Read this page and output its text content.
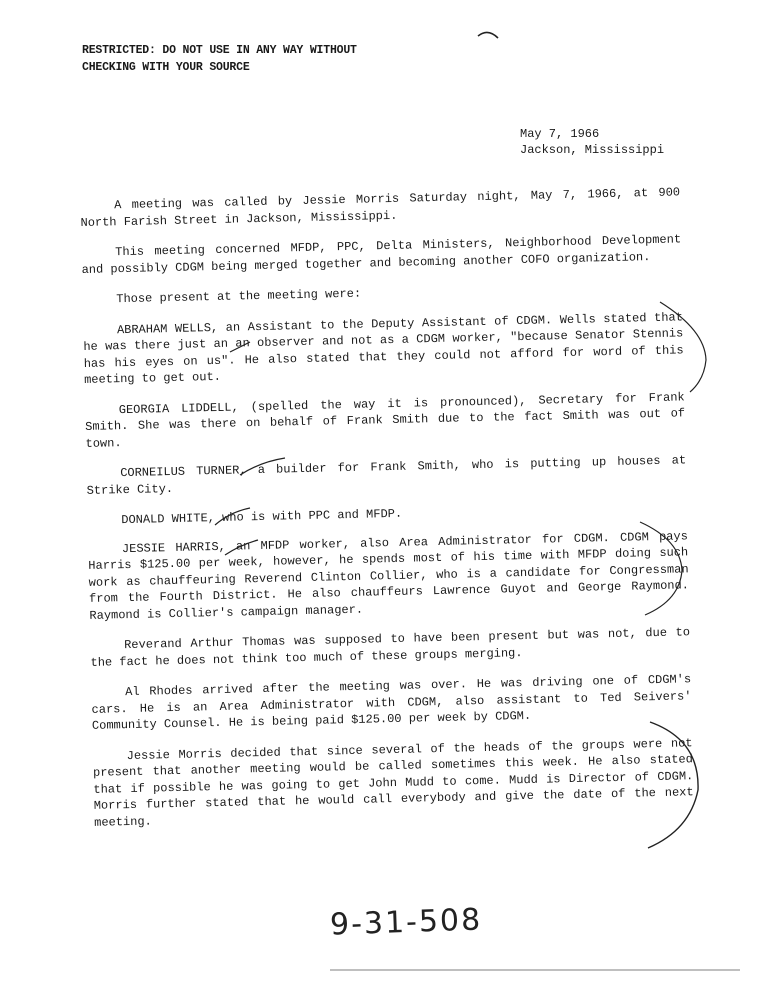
RESTRICTED: DO NOT USE IN ANY WAY WITHOUT
CHECKING WITH YOUR SOURCE
May 7, 1966
Jackson, Mississippi

A meeting was called by Jessie Morris Saturday night, May 7, 1966, at 900 North Farish Street in Jackson, Mississippi.

This meeting concerned MFDP, PPC, Delta Ministers, Neighborhood Development and possibly CDGM being merged together and becoming another COFO organization.

Those present at the meeting were:

ABRAHAM WELLS, an Assistant to the Deputy Assistant of CDGM. Wells stated that he was there just an an observer and not as a CDGM worker, "because Senator Stennis has his eyes on us". He also stated that they could not afford for word of this meeting to get out.

GEORGIA LIDDELL, (spelled the way it is pronounced), Secretary for Frank Smith. She was there on behalf of Frank Smith due to the fact Smith was out of town.

CORNEILUS TURNER, a builder for Frank Smith, who is putting up houses at Strike City.

DONALD WHITE, who is with PPC and MFDP.

JESSIE HARRIS, an MFDP worker, also Area Administrator for CDGM. CDGM pays Harris $125.00 per week, however, he spends most of his time with MFDP doing such work as chauffeuring Reverend Clinton Collier, who is a candidate for Congressman from the Fourth District. He also chauffeurs Lawrence Guyot and George Raymond. Raymond is Collier's campaign manager.

Reverand Arthur Thomas was supposed to have been present but was not, due to the fact he does not think too much of these groups merging.

Al Rhodes arrived after the meeting was over. He was driving one of CDGM's cars. He is an Area Administrator with CDGM, also assistant to Ted Seivers' Community Counsel. He is being paid $125.00 per week by CDGM.

Jessie Morris decided that since several of the heads of the groups were not present that another meeting would be called sometimes this week. He also stated that if possible he was going to get John Mudd to come. Mudd is Director of CDGM. Morris further stated that he would call everybody and give the date of the next meeting.

9-31-508
